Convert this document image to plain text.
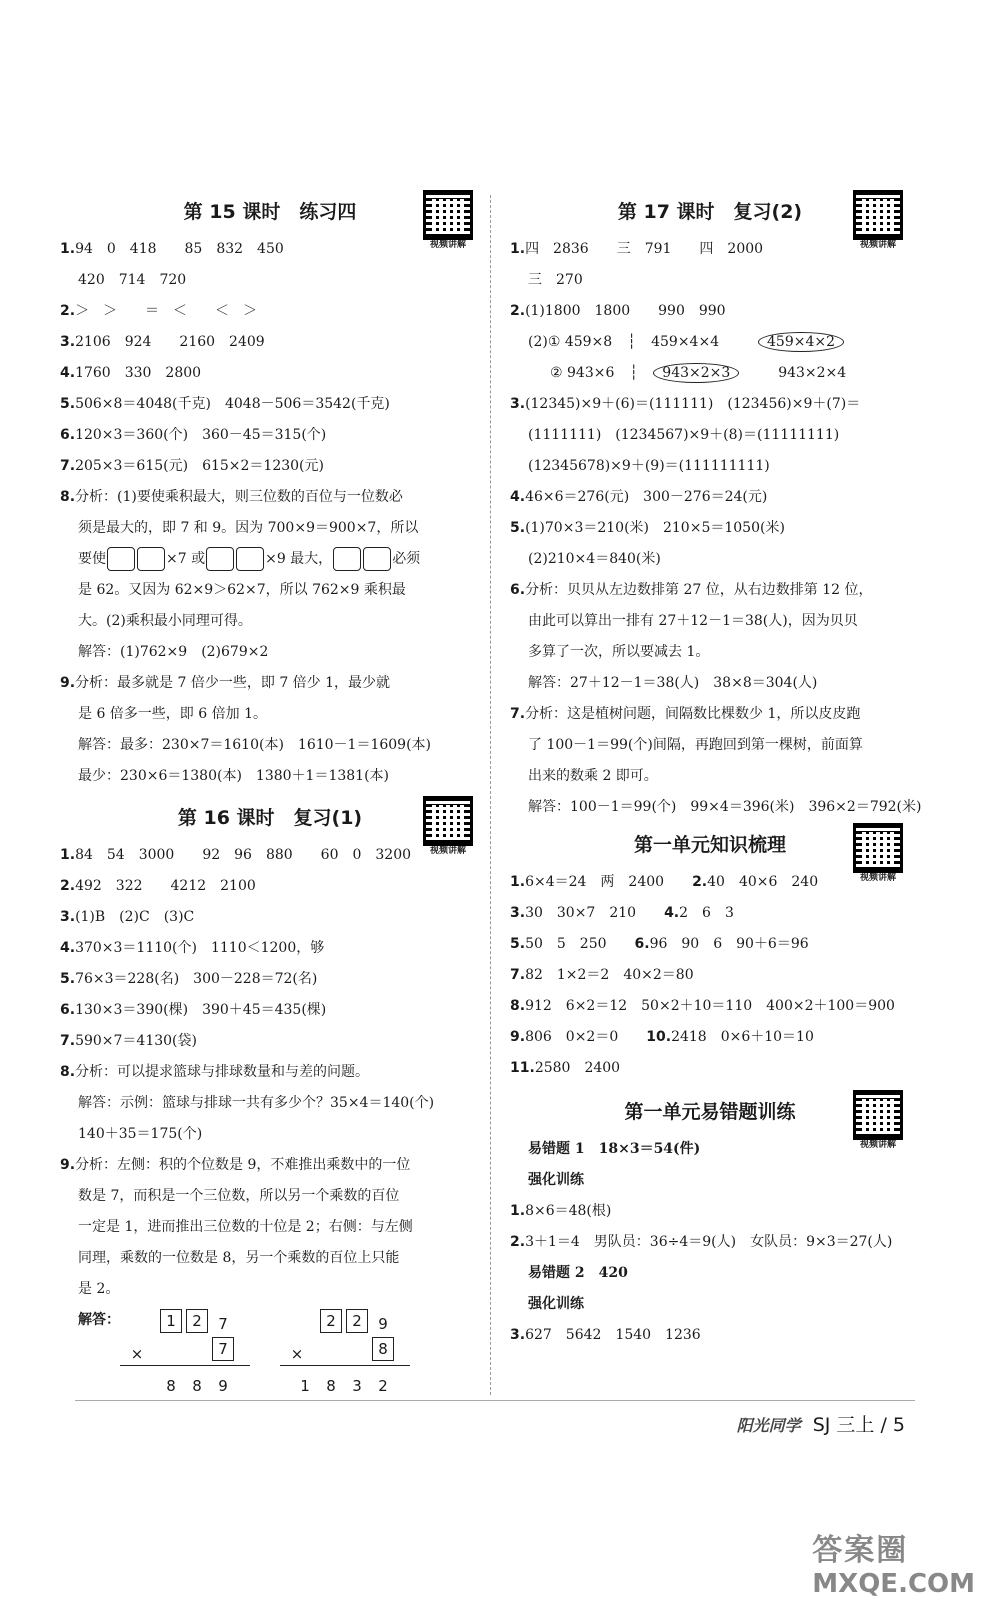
第 15 课时　练习四
视频讲解
1.94　0　418　　85　832　450
420　714　720
2.＞　＞　　＝　＜　　＜　＞
3.2106　924　　2160　2409
4.1760　330　2800
5.506×8＝4048(千克)　4048－506＝3542(千克)
6.120×3＝360(个)　360－45＝315(个)
7.205×3＝615(元)　615×2＝1230(元)
8.分析：(1)要使乘积最大，则三位数的百位与一位数必
须是最大的，即 7 和 9。因为 700×9＝900×7，所以
要使	×7 或	×9 最大，	必须
是 62。又因为 62×9＞62×7，所以 762×9 乘积最
大。(2)乘积最小同理可得。
解答：(1)762×9　(2)679×2
9.分析：最多就是 7 倍少一些，即 7 倍少 1，最少就
是 6 倍多一些，即 6 倍加 1。
解答：最多：230×7＝1610(本)　1610－1＝1609(本)
最少：230×6＝1380(本)　1380＋1＝1381(本)
第 16 课时　复习(1)
视频讲解
1.84　54　3000　　92　96　880　　60　0　3200
2.492　322　　4212　2100
3.(1)B　(2)C　(3)C
4.370×3＝1110(个)　1110＜1200，够
5.76×3＝228(名)　300－228＝72(名)
6.130×3＝390(棵)　390＋45＝435(棵)
7.590×7＝4130(袋)
8.分析：可以提求篮球与排球数量和与差的问题。
解答：示例：篮球与排球一共有多少个？35×4＝140(个)
140＋35＝175(个)
9.分析：左侧：积的个位数是 9，不难推出乘数中的一位
数是 7，而积是一个三位数，所以另一个乘数的百位
一定是 1，进而推出三位数的十位是 2；右侧：与左侧
同理，乘数的一位数是 8，另一个乘数的百位上只能
是 2。
解答：	1	2	7
×	7
8	8	9
2	2	9
×	8
1	8	3	2
第 17 课时　复习(2)
视频讲解
1.四　2836　　三　791　　四　2000
三　270
2.(1)1800　1800　　990　990
(2)① 459×8 ┆ 459×4×4	459×4×2
② 943×6 ┆ 943×2×3	943×2×4
3.(12345)×9＋(6)＝(111111)　(123456)×9＋(7)＝
(1111111)　(1234567)×9＋(8)＝(11111111)
(12345678)×9＋(9)＝(111111111)
4.46×6＝276(元)　300－276＝24(元)
5.(1)70×3＝210(米)　210×5＝1050(米)
(2)210×4＝840(米)
6.分析：贝贝从左边数排第 27 位，从右边数排第 12 位，
由此可以算出一排有 27＋12－1＝38(人)，因为贝贝
多算了一次，所以要减去 1。
解答：27＋12－1＝38(人)　38×8＝304(人)
7.分析：这是植树问题，间隔数比棵数少 1，所以皮皮跑
了 100－1＝99(个)间隔，再跑回到第一棵树，前面算
出来的数乘 2 即可。
解答：100－1＝99(个)　99×4＝396(米)　396×2＝792(米)
第一单元知识梳理
视频讲解
1.6×4＝24　两　2400　　2.40　40×6　240
3.30　30×7　210　　4.2　6　3
5.50　5　250　　6.96　90　6　90＋6＝96
7.82　1×2＝2　40×2＝80
8.912　6×2＝12　50×2＋10＝110　400×2＋100＝900
9.806　0×2＝0　　10.2418　0×6＋10＝10
11.2580　2400
第一单元易错题训练
视频讲解
易错题 1　18×3＝54(件)
强化训练
1.8×6＝48(根)
2.3＋1＝4　男队员：36÷4＝9(人)　女队员：9×3＝27(人)
易错题 2　420
强化训练
3.627　5642　1540　1236
阳光同学 SJ 三上 / 5
答案圈
MXQE.COM
